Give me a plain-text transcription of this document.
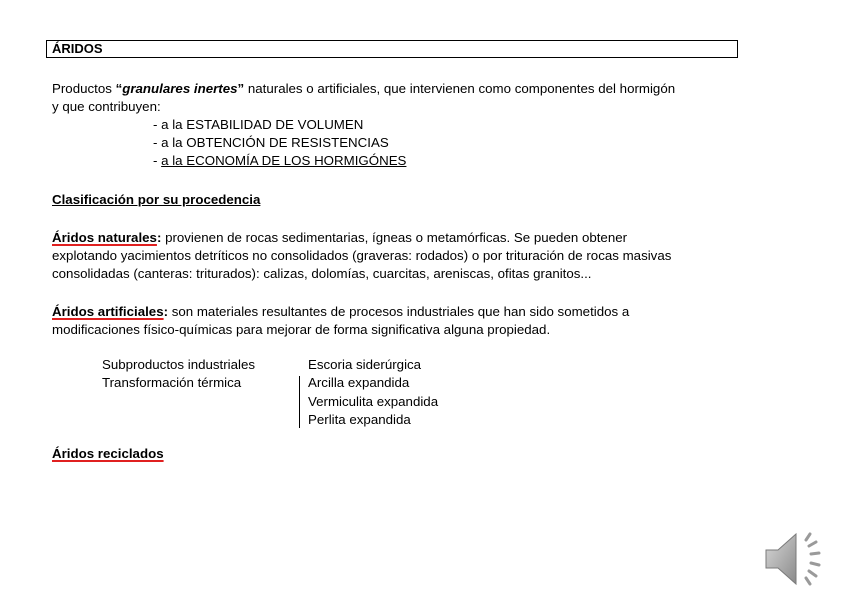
ÁRIDOS
Productos “granulares inertes” naturales o artificiales, que intervienen como componentes del hormigón
y que contribuyen:
- a la ESTABILIDAD DE VOLUMEN
- a la OBTENCIÓN DE RESISTENCIAS
- a la ECONOMÍA DE LOS HORMIGÓNES
Clasificación por su procedencia
Áridos naturales: provienen de rocas sedimentarias, ígneas o metamórficas. Se pueden obtener
explotando yacimientos detríticos no consolidados (graveras: rodados) o por trituración de rocas masivas
consolidadas (canteras: triturados): calizas, dolomías, cuarcitas, areniscas, ofitas granitos...
Áridos artificiales: son materiales resultantes de procesos industriales que han sido sometidos a
modificaciones físico-químicas para mejorar de forma significativa alguna propiedad.
Subproductos industriales
Transformación térmica
Escoria siderúrgica
Arcilla expandida
Vermiculita expandida
Perlita expandida
Áridos reciclados
